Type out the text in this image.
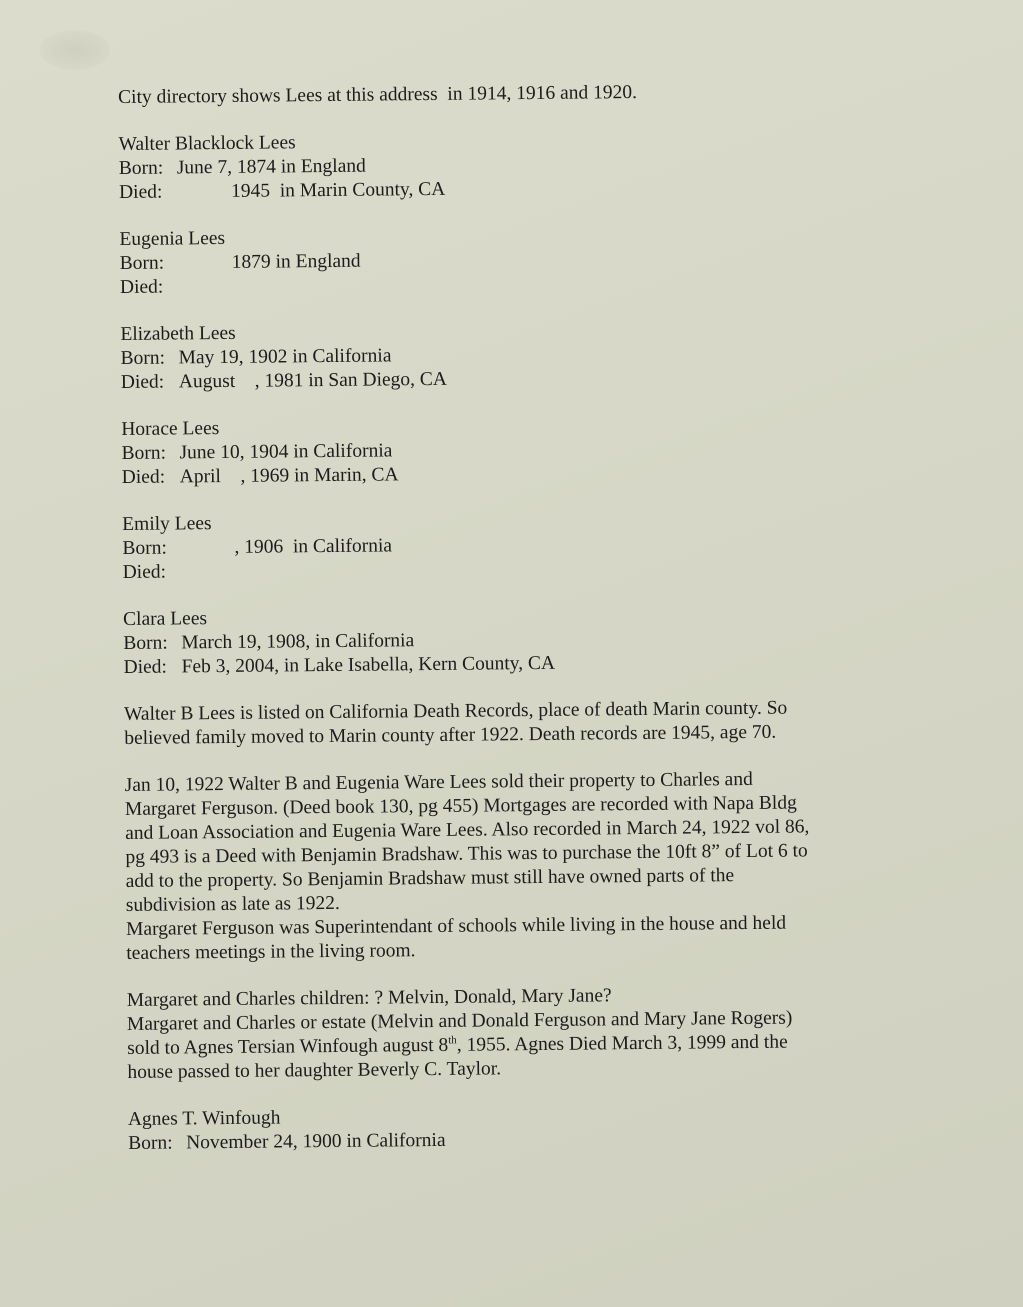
City directory shows Lees at this address  in 1914, 1916 and 1920.
Walter Blacklock Lees
Born: June 7, 1874 in England
Died:	1945  in Marin County, CA
Eugenia Lees
Born:	1879 in England
Died:
Elizabeth Lees
Born: May 19, 1902 in California
Died: August    , 1981 in San Diego, CA
Horace Lees
Born: June 10, 1904 in California
Died: April    , 1969 in Marin, CA
Emily Lees
Born:	, 1906  in California
Died:
Clara Lees
Born: March 19, 1908, in California
Died: Feb 3, 2004, in Lake Isabella, Kern County, CA
Walter B Lees is listed on California Death Records, place of death Marin county. So
believed family moved to Marin county after 1922. Death records are 1945, age 70.
Jan 10, 1922 Walter B and Eugenia Ware Lees sold their property to Charles and
Margaret Ferguson. (Deed book 130, pg 455) Mortgages are recorded with Napa Bldg
and Loan Association and Eugenia Ware Lees. Also recorded in March 24, 1922 vol 86,
pg 493 is a Deed with Benjamin Bradshaw. This was to purchase the 10ft 8” of Lot 6 to
add to the property. So Benjamin Bradshaw must still have owned parts of the
subdivision as late as 1922.
Margaret Ferguson was Superintendant of schools while living in the house and held
teachers meetings in the living room.
Margaret and Charles children: ? Melvin, Donald, Mary Jane?
Margaret and Charles or estate (Melvin and Donald Ferguson and Mary Jane Rogers)
sold to Agnes Tersian Winfough august 8th, 1955. Agnes Died March 3, 1999 and the
house passed to her daughter Beverly C. Taylor.
Agnes T. Winfough
Born: November 24, 1900 in California
